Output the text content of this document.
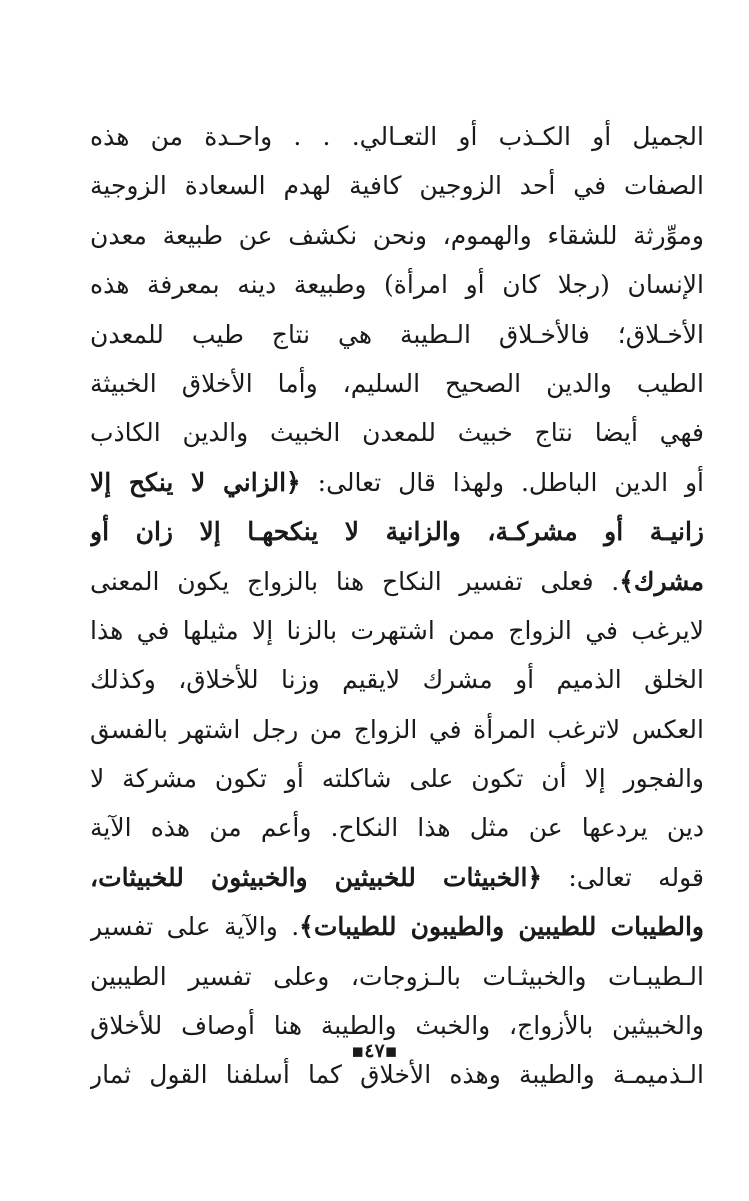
الجميل أو الكـذب أو التعـالي. . . واحـدة من هذه
الصفات في أحد الزوجين كافية لهدم السعادة الزوجية
وموِّرثة للشقاء والهموم، ونحن نكشف عن طبيعة معدن
الإنسان (رجلا كان أو امرأة) وطبيعة دينه بمعرفة هذه
الأخـلاق؛ فالأخـلاق الـطيبة هي نتاج طيب للمعدن
الطيب والدين الصحيح السليم، وأما الأخلاق الخبيثة
فهي أيضا نتاج خبيث للمعدن الخبيث والدين الكاذب
أو الدين الباطل. ولهذا قال تعالى: ﴿الزاني لا ينكح إلا
زانيـة أو مشركـة، والزانية لا ينكحهـا إلا زان أو
مشرك﴾. فعلى تفسير النكاح هنا بالزواج يكون المعنى
لايرغب في الزواج ممن اشتهرت بالزنا إلا مثيلها في هذا
الخلق الذميم أو مشرك لايقيم وزنا للأخلاق، وكذلك
العكس لاترغب المرأة في الزواج من رجل اشتهر بالفسق
والفجور إلا أن تكون على شاكلته أو تكون مشركة لا
دين يردعها عن مثل هذا النكاح. وأعم من هذه الآية
قوله تعالى: ﴿الخبيثات للخبيثين والخبيثون للخبيثات،
والطيبات للطيبين والطيبون للطيبات﴾. والآية على تفسير
الـطيبـات والخبيثـات بالـزوجات، وعلى تفسير الطيبين
والخبيثين بالأزواج، والخبث والطيبة هنا أوصاف للأخلاق
الـذميمـة والطيبة وهذه الأخلاق كما أسلفنا القول ثمار
▪٤٧▪
